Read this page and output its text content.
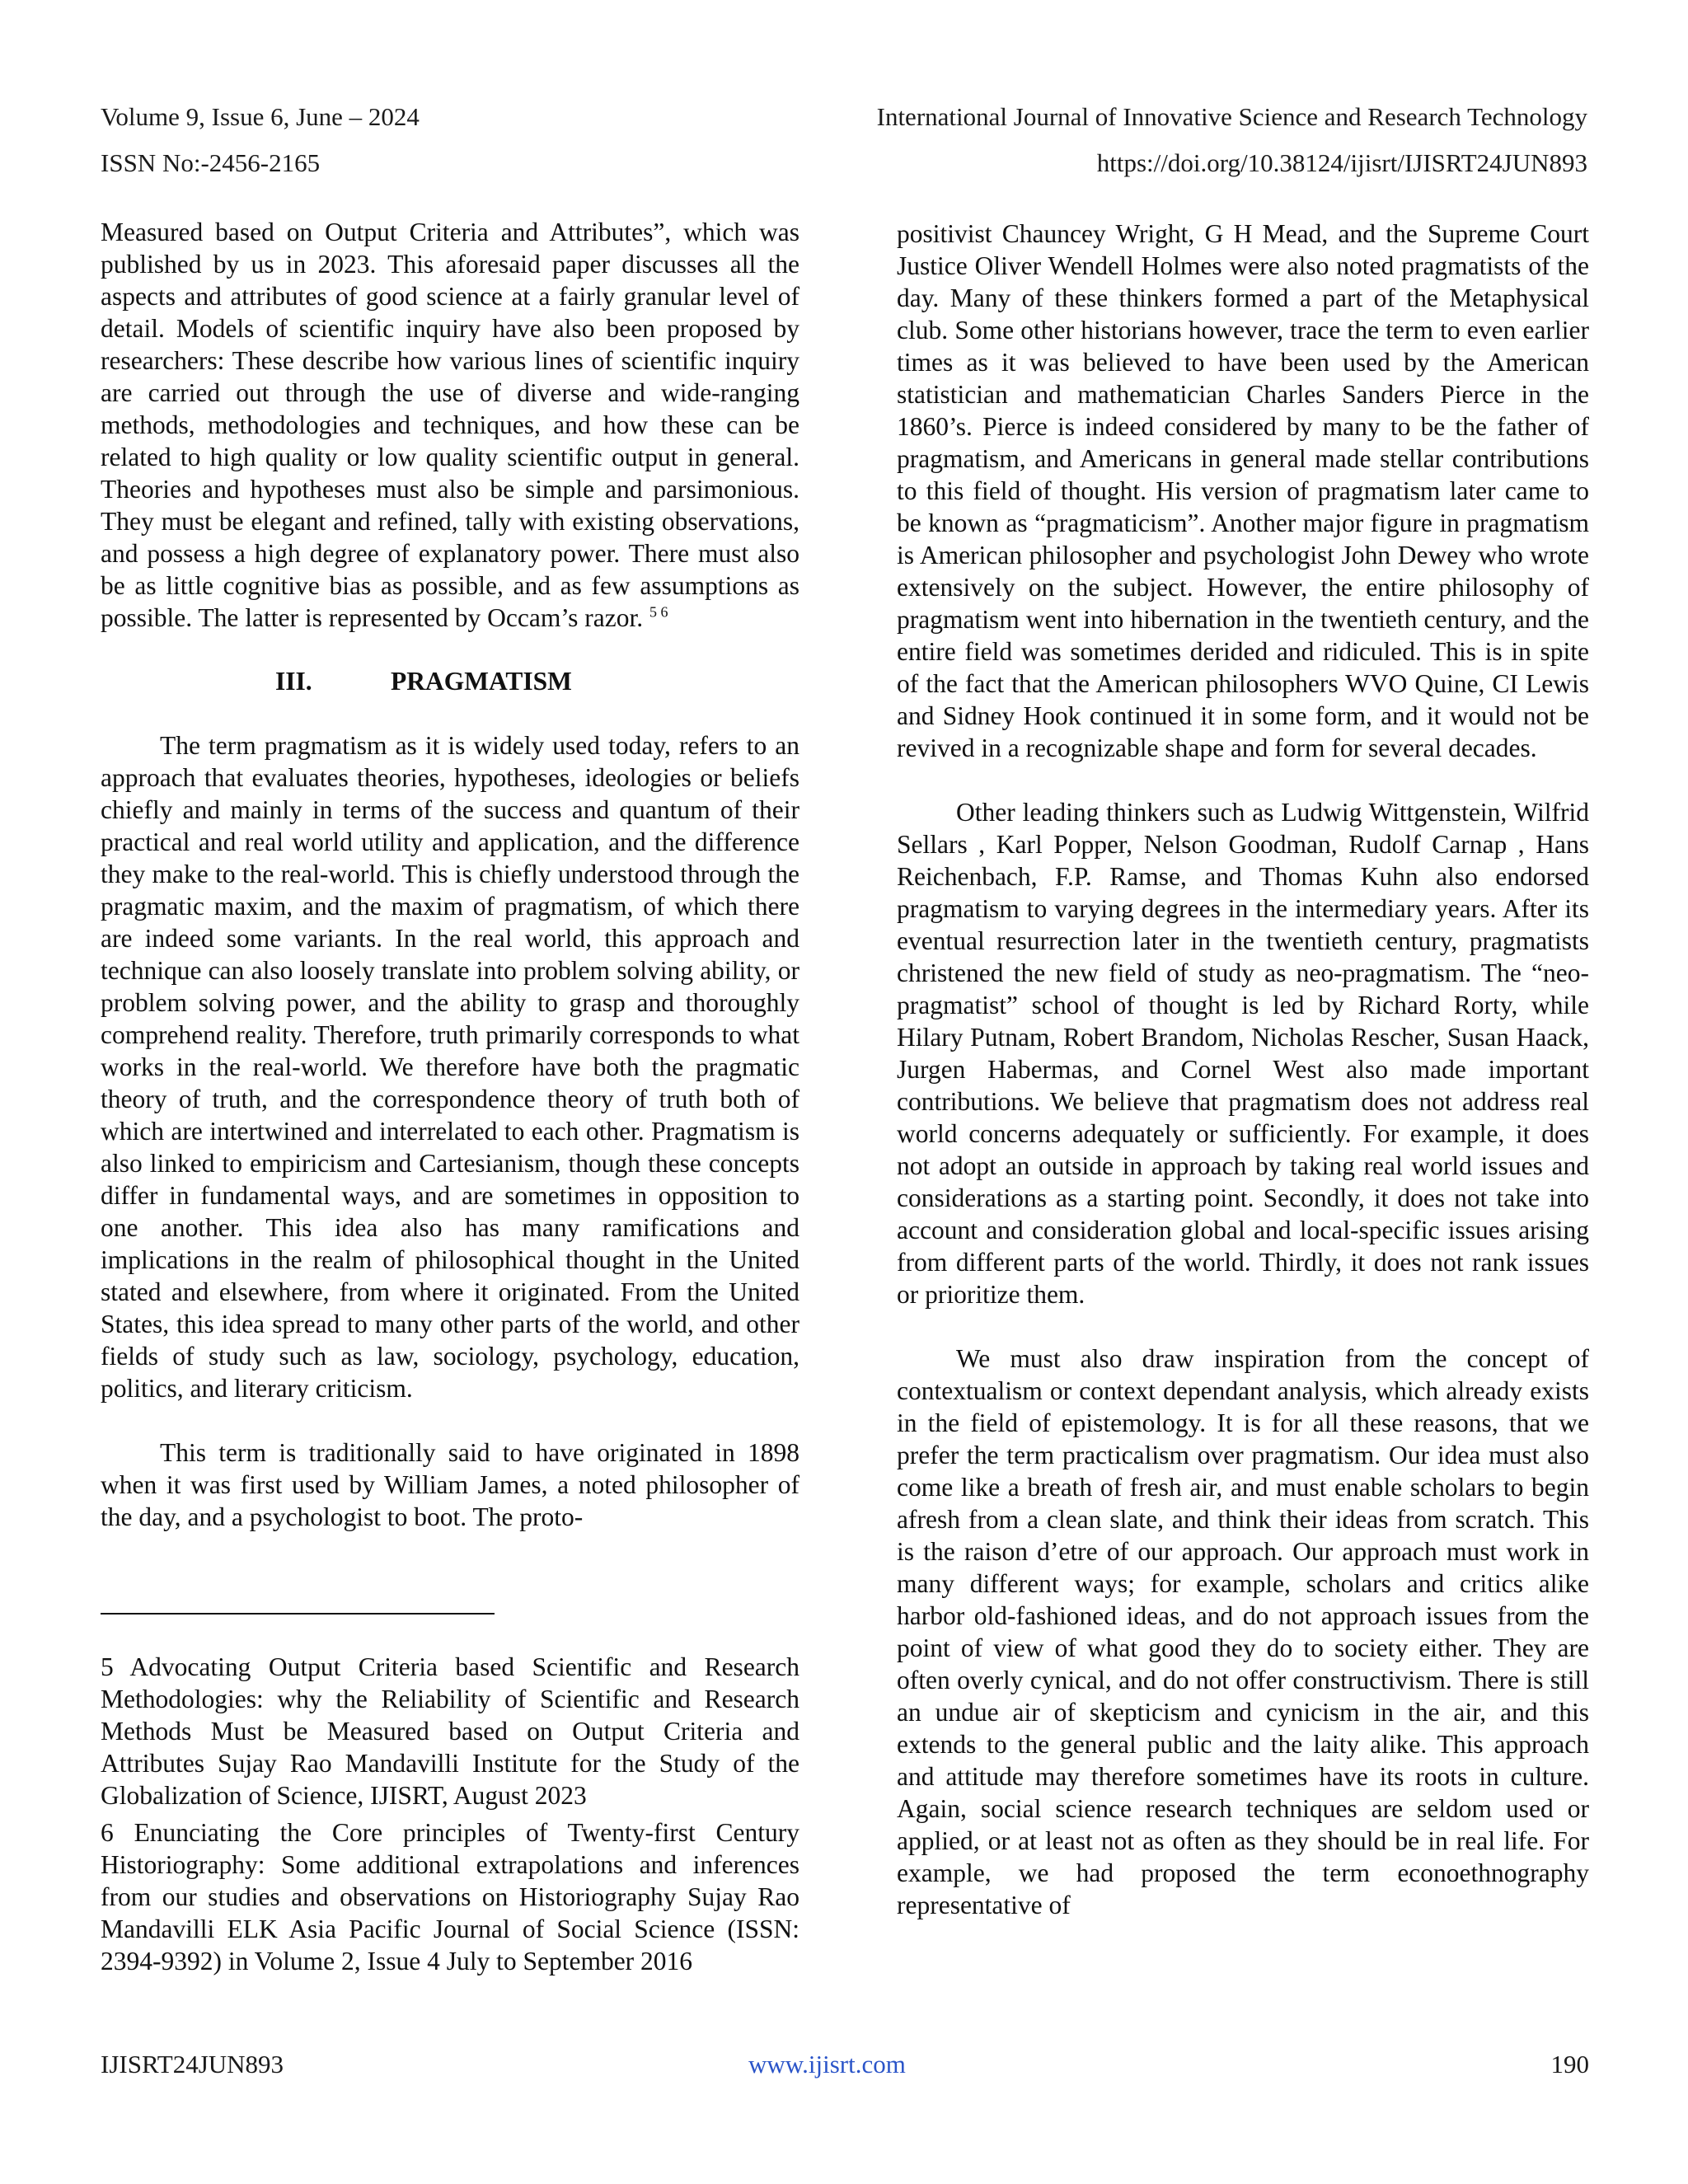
Volume 9, Issue 6, June – 2024	International Journal of Innovative Science and Research Technology
ISSN No:-2456-2165	https://doi.org/10.38124/ijisrt/IJISRT24JUN893

Measured based on Output Criteria and Attributes”, which was published by us in 2023. This aforesaid paper discusses all the aspects and attributes of good science at a fairly granular level of detail. Models of scientific inquiry have also been proposed by researchers: These describe how various lines of scientific inquiry are carried out through the use of diverse and wide-ranging methods, methodologies and techniques, and how these can be related to high quality or low quality scientific output in general. Theories and hypotheses must also be simple and parsimonious. They must be elegant and refined, tally with existing observations, and possess a high degree of explanatory power. There must also be as little cognitive bias as possible, and as few assumptions as possible. The latter is represented by Occam’s razor. $^{5 6}$

III.	PRAGMATISM

The term pragmatism as it is widely used today, refers to an approach that evaluates theories, hypotheses, ideologies or beliefs chiefly and mainly in terms of the success and quantum of their practical and real world utility and application, and the difference they make to the real-world. This is chiefly understood through the pragmatic maxim, and the maxim of pragmatism, of which there are indeed some variants. In the real world, this approach and technique can also loosely translate into problem solving ability, or problem solving power, and the ability to grasp and thoroughly comprehend reality. Therefore, truth primarily corresponds to what works in the real-world. We therefore have both the pragmatic theory of truth, and the correspondence theory of truth both of which are intertwined and interrelated to each other. Pragmatism is also linked to empiricism and Cartesianism, though these concepts differ in fundamental ways, and are sometimes in opposition to one another. This idea also has many ramifications and implications in the realm of philosophical thought in the United stated and elsewhere, from where it originated. From the United States, this idea spread to many other parts of the world, and other fields of study such as law, sociology, psychology, education, politics, and literary criticism.

This term is traditionally said to have originated in 1898 when it was first used by William James, a noted philosopher of the day, and a psychologist to boot. The proto-

5 Advocating Output Criteria based Scientific and Research Methodologies: why the Reliability of Scientific and Research Methods Must be Measured based on Output Criteria and Attributes Sujay Rao Mandavilli Institute for the Study of the Globalization of Science, IJISRT, August 2023

6 Enunciating the Core principles of Twenty-first Century Historiography: Some additional extrapolations and inferences from our studies and observations on Historiography Sujay Rao Mandavilli ELK Asia Pacific Journal of Social Science (ISSN: 2394-9392) in Volume 2, Issue 4 July to September 2016

positivist Chauncey Wright, G H Mead, and the Supreme Court Justice Oliver Wendell Holmes were also noted pragmatists of the day. Many of these thinkers formed a part of the Metaphysical club. Some other historians however, trace the term to even earlier times as it was believed to have been used by the American statistician and mathematician Charles Sanders Pierce in the 1860’s. Pierce is indeed considered by many to be the father of pragmatism, and Americans in general made stellar contributions to this field of thought. His version of pragmatism later came to be known as “pragmaticism”. Another major figure in pragmatism is American philosopher and psychologist John Dewey who wrote extensively on the subject. However, the entire philosophy of pragmatism went into hibernation in the twentieth century, and the entire field was sometimes derided and ridiculed. This is in spite of the fact that the American philosophers WVO Quine, CI Lewis and Sidney Hook continued it in some form, and it would not be revived in a recognizable shape and form for several decades.

Other leading thinkers such as Ludwig Wittgenstein, Wilfrid Sellars , Karl Popper, Nelson Goodman, Rudolf Carnap , Hans Reichenbach, F.P. Ramse, and Thomas Kuhn also endorsed pragmatism to varying degrees in the intermediary years. After its eventual resurrection later in the twentieth century, pragmatists christened the new field of study as neo-pragmatism. The “neo-pragmatist” school of thought is led by Richard Rorty, while Hilary Putnam, Robert Brandom, Nicholas Rescher, Susan Haack, Jurgen Habermas, and Cornel West also made important contributions. We believe that pragmatism does not address real world concerns adequately or sufficiently. For example, it does not adopt an outside in approach by taking real world issues and considerations as a starting point. Secondly, it does not take into account and consideration global and local-specific issues arising from different parts of the world. Thirdly, it does not rank issues or prioritize them.

We must also draw inspiration from the concept of contextualism or context dependant analysis, which already exists in the field of epistemology. It is for all these reasons, that we prefer the term practicalism over pragmatism. Our idea must also come like a breath of fresh air, and must enable scholars to begin afresh from a clean slate, and think their ideas from scratch. This is the raison d’etre of our approach. Our approach must work in many different ways; for example, scholars and critics alike harbor old-fashioned ideas, and do not approach issues from the point of view of what good they do to society either. They are often overly cynical, and do not offer constructivism. There is still an undue air of skepticism and cynicism in the air, and this extends to the general public and the laity alike. This approach and attitude may therefore sometimes have its roots in culture. Again, social science research techniques are seldom used or applied, or at least not as often as they should be in real life. For example, we had proposed the term econoethnography representative of

IJISRT24JUN893	www.ijisrt.com	190
